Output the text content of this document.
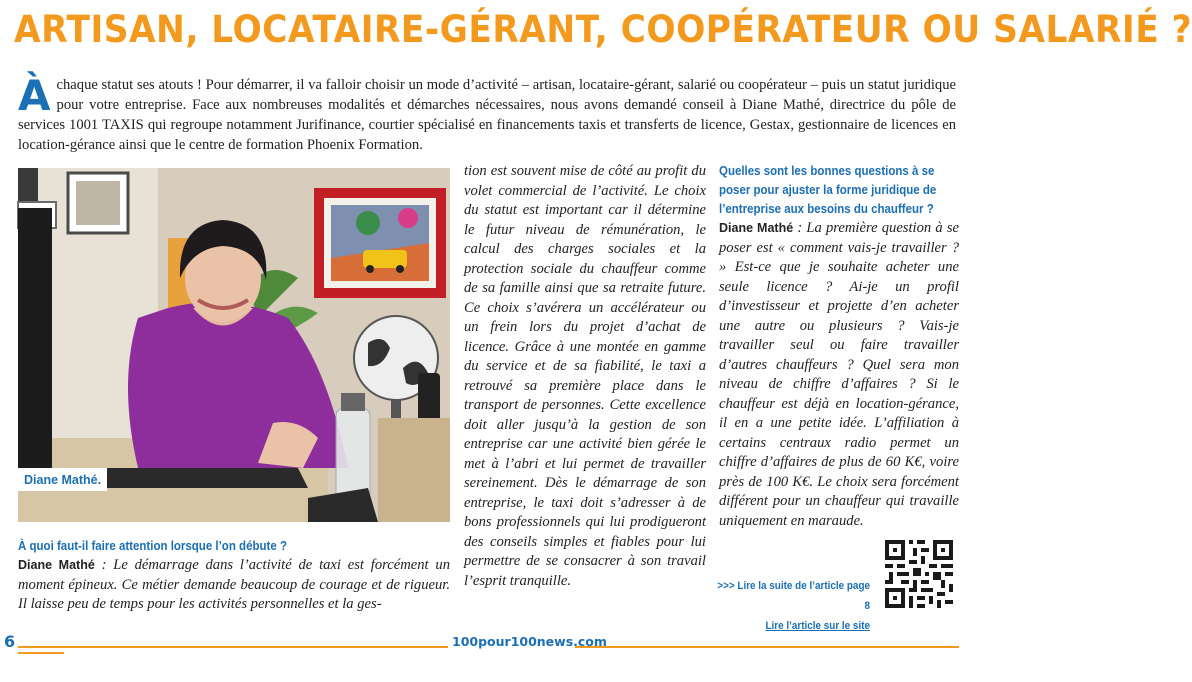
ARTISAN, LOCATAIRE-GÉRANT, COOPÉRATEUR OU SALARIÉ ?
À chaque statut ses atouts ! Pour démarrer, il va falloir choisir un mode d’activité – artisan, locataire-gérant, salarié ou coopérateur – puis un statut juridique pour votre entreprise. Face aux nombreuses modalités et démarches nécessaires, nous avons demandé conseil à Diane Mathé, directrice du pôle de services 1001 TAXIS qui regroupe notamment Jurifinance, courtier spécialisé en financements taxis et transferts de licence, Gestax, gestionnaire de licences en location-gérance ainsi que le centre de formation Phoenix Formation.
Diane Mathé.
À quoi faut-il faire attention lorsque l’on débute ?
Diane Mathé : Le démarrage dans l’activité de taxi est forcément un moment épineux. Ce métier demande beaucoup de courage et de rigueur. Il laisse peu de temps pour les activités personnelles et la ges-
tion est souvent mise de côté au profit du volet commercial de l’activité. Le choix du statut est important car il détermine le futur niveau de rémunération, le calcul des charges sociales et la protection sociale du chauffeur comme de sa famille ainsi que sa retraite future. Ce choix s’avérera un accélérateur ou un frein lors du projet d’achat de licence. Grâce à une montée en gamme du service et de sa fiabilité, le taxi a retrouvé sa première place dans le transport de personnes. Cette excellence doit aller jusqu’à la gestion de son entreprise car une activité bien gérée le met à l’abri et lui permet de travailler sereinement. Dès le démarrage de son entreprise, le taxi doit s’adresser à de bons professionnels qui lui prodigueront des conseils simples et fiables pour lui permettre de se consacrer à son travail l’esprit tranquille.
Quelles sont les bonnes questions à se poser pour ajuster la forme juridique de l’entreprise aux besoins du chauffeur ?
Diane Mathé : La première question à se poser est « comment vais-je travailler ? » Est-ce que je souhaite acheter une seule licence ? Ai-je un profil d’investisseur et projette d’en acheter une autre ou plusieurs ? Vais-je travailler seul ou faire travailler d’autres chauffeurs ? Quel sera mon niveau de chiffre d’affaires ? Si le chauffeur est déjà en location-gérance, il en a une petite idée. L’affiliation à certains centraux radio permet un chiffre d’affaires de plus de 60 K€, voire près de 100 K€. Le choix sera forcément différent pour un chauffeur qui travaille uniquement en maraude.
>>> Lire la suite de l’article page 8
Lire l’article sur le site
6	100pour100news.com
